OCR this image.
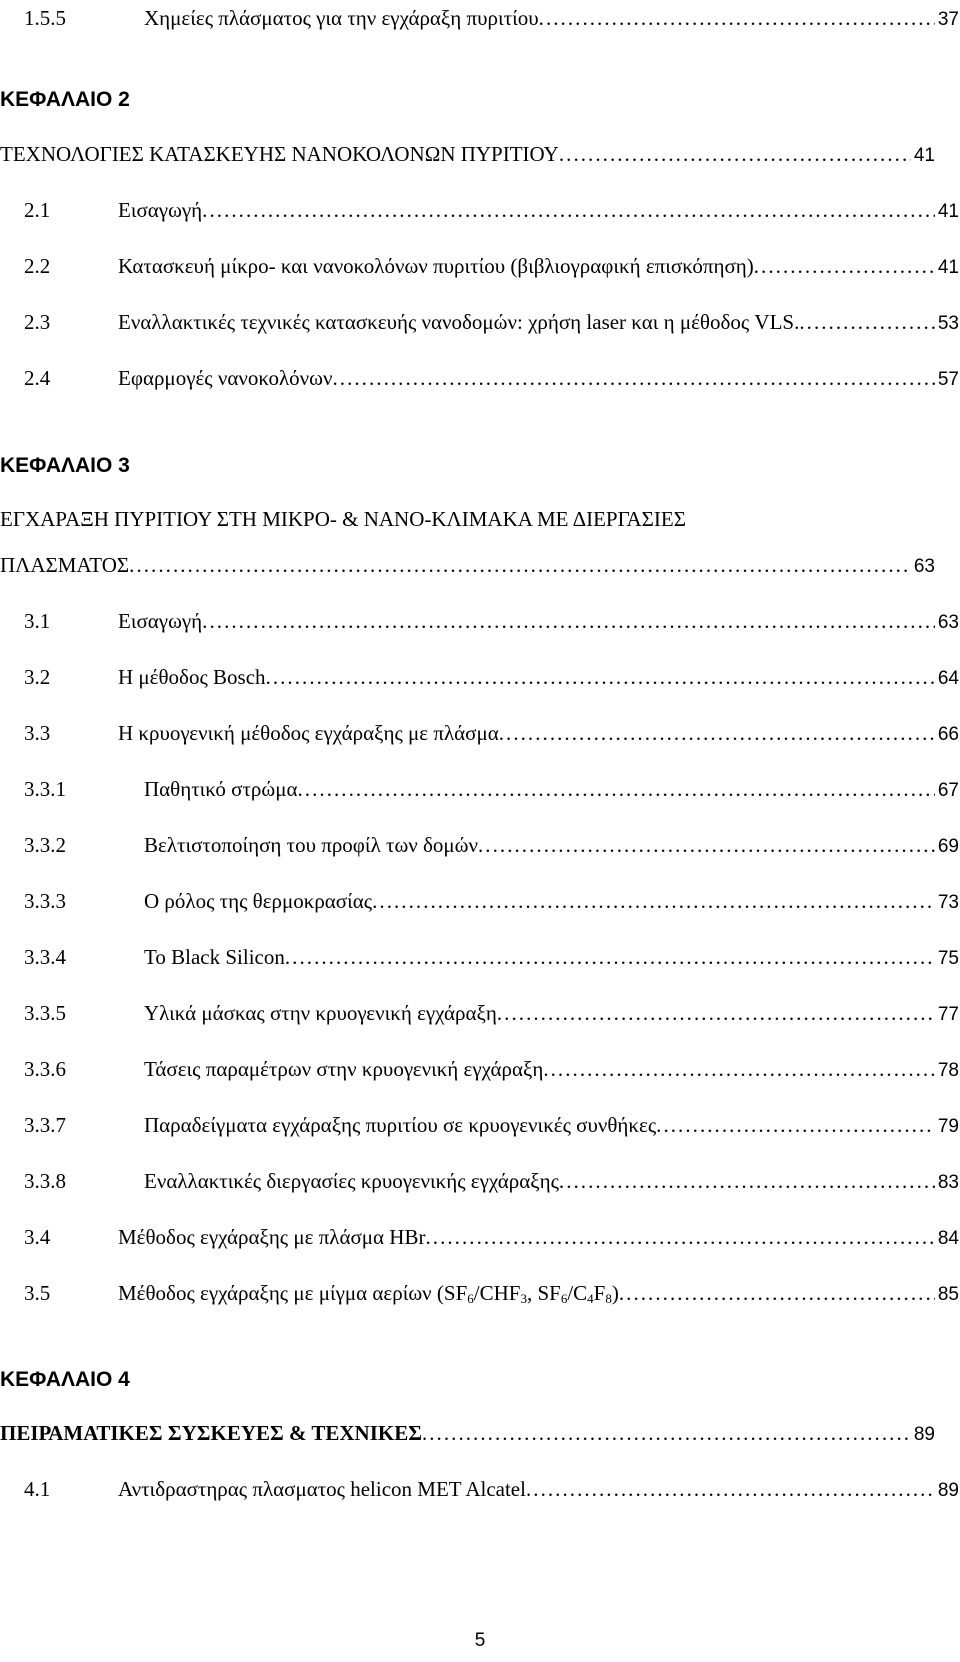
1.5.5	Χημείες πλάσματος για την εγχάραξη πυριτίου . . .	37
ΚΕΦΑΛΑΙΟ 2
ΤΕΧΝΟΛΟΓΙΕΣ ΚΑΤΑΣΚΕΥΗΣ ΝΑΝΟΚΟΛΟΝΩΝ ΠΥΡΙΤΙΟΥ . . .	41
2.1	Εισαγωγή . . .	41
2.2	Κατασκευή μίκρο- και νανοκολόνων πυριτίου (βιβλιογραφική επισκόπηση) . . .	41
2.3	Εναλλακτικές τεχνικές κατασκευής νανοδομών: χρήση laser και η μέθοδος VLS. . . .	53
2.4	Εφαρμογές νανοκολόνων . . .	57
ΚΕΦΑΛΑΙΟ 3
ΕΓΧΑΡΑΞΗ ΠΥΡΙΤΙΟΥ ΣΤΗ ΜΙΚΡΟ- & ΝΑΝΟ-ΚΛΙΜΑΚΑ ΜΕ ΔΙΕΡΓΑΣΙΕΣ
ΠΛΑΣΜΑΤΟΣ . . .	63
3.1	Εισαγωγή . . .	63
3.2	Η μέθοδος Bosch . . .	64
3.3	Η κρυογενική μέθοδος εγχάραξης με πλάσμα . . .	66
3.3.1	Παθητικό στρώμα . . .	67
3.3.2	Βελτιστοποίηση του προφίλ των δομών . . .	69
3.3.3	Ο ρόλος της θερμοκρασίας . . .	73
3.3.4	Το Black Silicon . . .	75
3.3.5	Υλικά μάσκας στην κρυογενική εγχάραξη . . .	77
3.3.6	Τάσεις παραμέτρων στην κρυογενική εγχάραξη . . .	78
3.3.7	Παραδείγματα εγχάραξης πυριτίου σε κρυογενικές συνθήκες . . .	79
3.3.8	Εναλλακτικές διεργασίες κρυογενικής εγχάραξης . . .	83
3.4	Μέθοδος εγχάραξης με πλάσμα HBr . . .	84
3.5	Μέθοδος εγχάραξης με μίγμα αερίων ($SF_6/CHF_3$, $SF_6/C_4F_8$) . . .	85
ΚΕΦΑΛΑΙΟ 4
ΠΕΙΡΑΜΑΤΙΚΕΣ ΣΥΣΚΕΥΕΣ & ΤΕΧΝΙΚΕΣ . . .	89
4.1	Αντιδραστηρας πλασματος helicon MET Alcatel . . .	89
5
